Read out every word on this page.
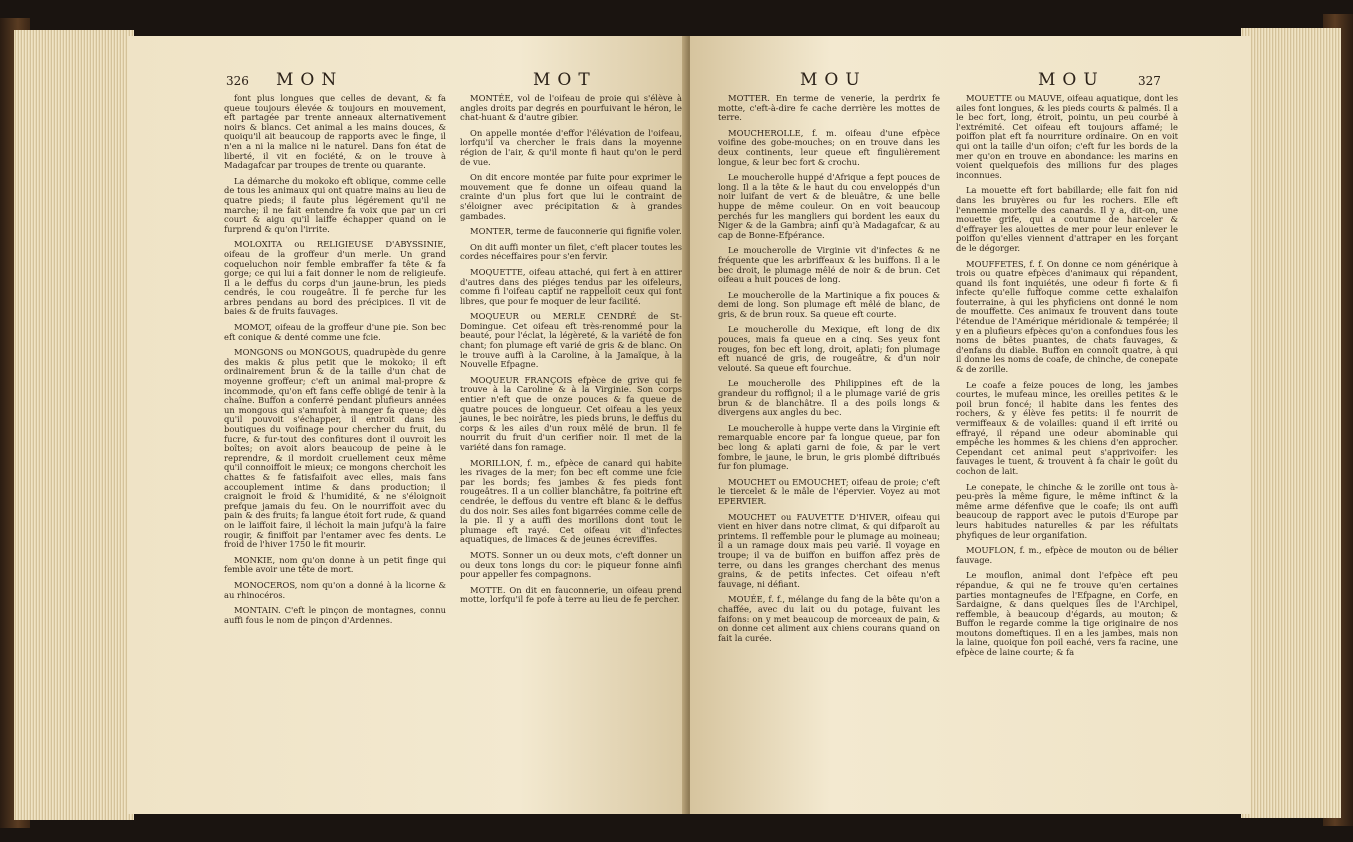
326 MON	MOT

font plus longues que celles de devant, & fa queue toujours élevée & toujours en mouvement, eft partagée par trente anneaux alternativement noirs & blancs. Cet animal a les mains douces, & quoiqu'il ait beaucoup de rapports avec le finge, il n'en a ni la malice ni le naturel. Dans fon état de liberté, il vit en fociété, & on le trouve à Madagafcar par troupes de trente ou quarante.

La démarche du mokoko eft oblique, comme celle de tous les animaux qui ont quatre mains au lieu de quatre pieds; il faute plus légérement qu'il ne marche; il ne fait entendre fa voix que par un cri court & aigu qu'il laiffe échapper quand on le furprend & qu'on l'irrite.

MOLOXITA ou RELIGIEUSE D'ABYSSINIE, oifeau de la groffeur d'un merle. Un grand coqueluchon noir femble embraffer fa tête & fa gorge; ce qui lui a fait donner le nom de religieufe. Il a le deffus du corps d'un jaune-brun, les pieds cendrés, le cou rougeâtre. Il fe perche fur les arbres pendans au bord des précipices. Il vit de baies & de fruits fauvages.

MOMOT, oifeau de la groffeur d'une pie. Son bec eft conique & denté comme une fcie.

MONGONS ou MONGOUS, quadrupède du genre des makis & plus petit que le mokoko; il eft ordinairement brun & de la taille d'un chat de moyenne groffeur; c'eft un animal mal-propre & incommode, qu'on eft fans ceffe obligé de tenir à la chaîne. Buffon a conferré pendant plufieurs années un mongous qui s'amufoit à manger fa queue; dès qu'il pouvoit s'échapper, il entroit dans les boutiques du voifinage pour chercher du fruit, du fucre, & fur-tout des confitures dont il ouvroit les boîtes; on avoit alors beaucoup de peine à le reprendre, & il mordoit cruellement ceux même qu'il connoiffoit le mieux; ce mongons cherchoit les chattes & fe fatisfaifoit avec elles, mais fans accouplement intime & dans production; il craignoit le froid & l'humidité, & ne s'éloignoit prefque jamais du feu. On le nourriffoit avec du pain & des fruits; fa langue étoit fort rude, & quand on le laiffoit faire, il léchoit la main jufqu'à la faire rougir, & finiffoit par l'entamer avec fes dents. Le froid de l'hiver 1750 le fit mourir.

MONKIE, nom qu'on donne à un petit finge qui femble avoir une tête de mort.

MONOCEROS, nom qu'on a donné à la licorne & au rhinocéros.

MONTAIN. C'eft le pinçon de montagnes, connu auffi fous le nom de pinçon d'Ardennes.

MONTÉE, vol de l'oifeau de proie qui s'élève à angles droits par degrés en pourfuivant le héron, le chat-huant & d'autre gibier.

On appelle montée d'effor l'élévation de l'oifeau, lorfqu'il va chercher le frais dans la moyenne région de l'air, & qu'il monte fi haut qu'on le perd de vue.

On dit encore montée par fuite pour exprimer le mouvement que fe donne un oifeau quand la crainte d'un plus fort que lui le contraint de s'éloigner avec précipitation & à grandes gambades.

MONTER, terme de fauconnerie qui fignifie voler.

On dit auffi monter un filet, c'eft placer toutes les cordes néceffaires pour s'en fervir.

MOQUETTE, oifeau attaché, qui fert à en attirer d'autres dans des piéges tendus par les oifeleurs, comme fi l'oifeau captif ne rappelloit ceux qui font libres, que pour fe moquer de leur facilité.

MOQUEUR ou MERLE CENDRÉ de St-Domingue. Cet oifeau eft très-renommé pour la beauté, pour l'éclat, la légèreté, & la variété de fon chant; fon plumage eft varié de gris & de blanc. On le trouve auffi à la Caroline, à la Jamaïque, à la Nouvelle Efpagne.

MOQUEUR FRANÇOIS efpèce de grive qui fe trouve à la Caroline & à la Virginie. Son corps entier n'eft que de onze pouces & fa queue de quatre pouces de longueur. Cet oifeau a les yeux jaunes, le bec noirâtre, les pieds bruns, le deffus du corps & les ailes d'un roux mêlé de brun. Il fe nourrit du fruit d'un cerifier noir. Il met de la variété dans fon ramage.

MORILLON, f. m., efpèce de canard qui habite les rivages de la mer; fon bec eft comme une fcie par les bords; fes jambes & fes pieds font rougeâtres. Il a un collier blanchâtre, fa poitrine eft cendrée, le deffous du ventre eft blanc & le deffus du dos noir. Ses ailes font bigarrées comme celle de la pie. Il y a auffi des morillons dont tout le plumage eft rayé. Cet oifeau vit d'infectes aquatiques, de limaces & de jeunes écreviffes.

MOTS. Sonner un ou deux mots, c'eft donner un ou deux tons longs du cor: le piqueur fonne ainfi pour appeller fes compagnons.

MOTTE. On dit en fauconnerie, un oifeau prend motte, lorfqu'il fe pofe à terre au lieu de fe percher.

MOU	MOU	327

MOTTER. En terme de venerie, la perdrix fe motte, c'eft-à-dire fe cache derrière les mottes de terre.

MOUCHEROLLE, f. m. oifeau d'une efpèce voifine des gobe-mouches; on en trouve dans les deux continents, leur queue eft fingulièrement longue, & leur bec fort & crochu.

Le moucherolle huppé d'Afrique a fept pouces de long. Il a la tête & le haut du cou enveloppés d'un noir luifant de vert & de bleuâtre, & une belle huppe de même couleur. On en voit beaucoup perchés fur les mangliers qui bordent les eaux du Niger & de la Gambra; ainfi qu'à Madagafcar, & au cap de Bonne-Efpérance.

Le moucherolle de Virginie vit d'infectes & ne fréquente que les arbriffeaux & les buiffons. Il a le bec droit, le plumage mêlé de noir & de brun. Cet oifeau a huit pouces de long.

Le moucherolle de la Martinique a fix pouces & demi de long. Son plumage eft mêlé de blanc, de gris, & de brun roux. Sa queue eft courte.

Le moucherolle du Mexique, eft long de dix pouces, mais fa queue en a cinq. Ses yeux font rouges, fon bec eft long, droit, aplati; fon plumage eft nuancé de gris, de rougeâtre, & d'un noir velouté. Sa queue eft fourchue.

Le moucherolle des Philippines eft de la grandeur du roffignol; il a le plumage varié de gris brun & de blanchâtre. Il a des poils longs & divergens aux angles du bec.

Le moucherolle à huppe verte dans la Virginie eft remarquable encore par fa longue queue, par fon bec long & aplati garni de foie, & par le vert fombre, le jaune, le brun, le gris plombé diftribués fur fon plumage.

MOUCHET ou EMOUCHET; oifeau de proie; c'eft le tiercelet & le mâle de l'épervier. Voyez au mot EPERVIER.

MOUCHET ou FAUVETTE D'HIVER, oifeau qui vient en hiver dans notre climat, & qui difparoît au printems. Il reffemble pour le plumage au moineau; il a un ramage doux mais peu varié. Il voyage en troupe; il va de buiffon en buiffon affez près de terre, ou dans les granges cherchant des menus grains, & de petits infectes. Cet oifeau n'eft fauvage, ni défiant.

MOUÉE, f. f., mélange du fang de la bête qu'on a chaffée, avec du lait ou du potage, fuivant les faifons: on y met beaucoup de morceaux de pain, & on donne cet aliment aux chiens courans quand on fait la curée.

MOUETTE ou MAUVE, oifeau aquatique, dont les ailes font longues, & les pieds courts & palmés. Il a le bec fort, long, étroit, pointu, un peu courbé à l'extrémité. Cet oifeau eft toujours affamé; le poiffon plat eft fa nourriture ordinaire. On en voit qui ont la taille d'un oifon; c'eft fur les bords de la mer qu'on en trouve en abondance: les marins en voient quelquefois des millions fur des plages inconnues.

La mouette eft fort babillarde; elle fait fon nid dans les bruyères ou fur les rochers. Elle eft l'ennemie mortelle des canards. Il y a, dit-on, une mouette grife, qui a coutume de harceler & d'effrayer les alouettes de mer pour leur enlever le poiffon qu'elles viennent d'attraper en les forçant de le dégorger.

MOUFFETES, f. f. On donne ce nom générique à trois ou quatre efpèces d'animaux qui répandent, quand ils font inquiétés, une odeur fi forte & fi infecte qu'elle fuffoque comme cette exhalaifon fouterraine, à qui les phyficiens ont donné le nom de mouffette. Ces animaux fe trouvent dans toute l'étendue de l'Amérique méridionale & tempérée; il y en a plufieurs efpèces qu'on a confondues fous les noms de bêtes puantes, de chats fauvages, & d'enfans du diable. Buffon en connoît quatre, à qui il donne les noms de coafe, de chinche, de conepate & de zorille.

Le coafe a feize pouces de long, les jambes courtes, le mufeau mince, les oreilles petites & le poil brun foncé; il habite dans les fentes des rochers, & y élève fes petits: il fe nourrit de vermiffeaux & de volailles: quand il eft irrité ou effrayé, il répand une odeur abominable qui empêche les hommes & les chiens d'en approcher. Cependant cet animal peut s'apprivoifer: les fauvages le tuent, & trouvent à fa chair le goût du cochon de lait.

Le conepate, le chinche & le zorille ont tous à-peu-près la même figure, le même inftinct & la même arme défenfive que le coafe; ils ont auffi beaucoup de rapport avec le putois d'Europe par leurs habitudes naturelles & par les réfultats phyfiques de leur organifation.

MOUFLON, f. m., efpèce de mouton ou de bélier fauvage.

Le mouflon, animal dont l'efpèce eft peu répandue, & qui ne fe trouve qu'en certaines parties montagneufes de l'Efpagne, en Corfe, en Sardaigne, & dans quelques îles de l'Archipel, reffemble, à beaucoup d'égards, au mouton; & Buffon le regarde comme la tige originaire de nos moutons domeftiques. Il en a les jambes, mais non la laine, quoique fon poil eaché, vers fa racine, une efpèce de laine courte; & fa
